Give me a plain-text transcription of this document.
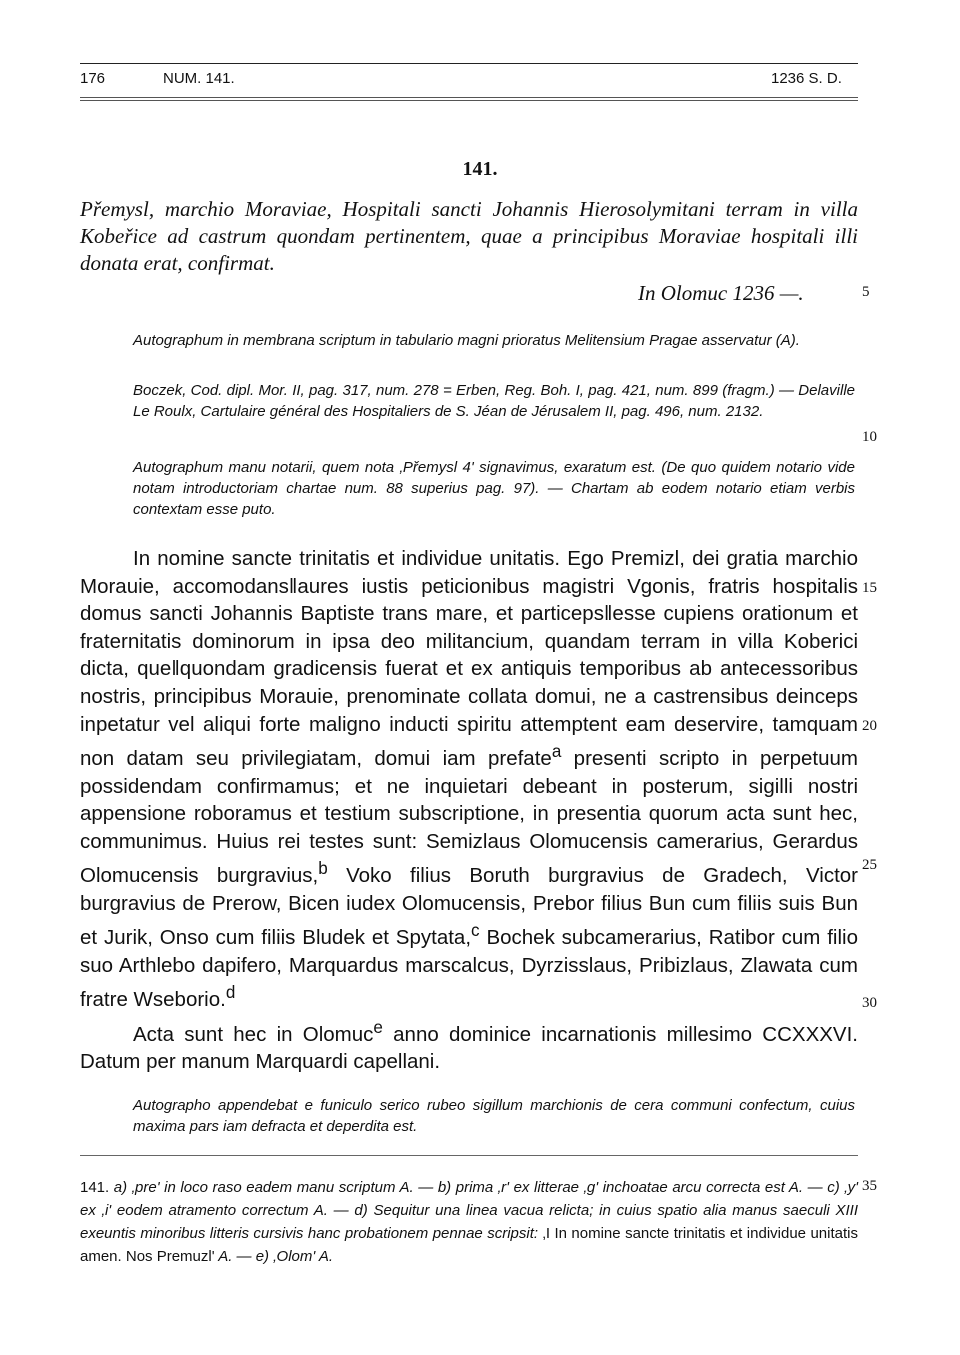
176	NUM. 141.	1236 S. D.
141.
Přemysl, marchio Moraviae, Hospitali sancti Johannis Hierosolymitani terram in villa Kobeřice ad castrum quondam pertinentem, quae a principibus Moraviae hospitali illi donata erat, confirmat.
In Olomuc 1236 —.	5
Autographum in membrana scriptum in tabulario magni prioratus Melitensium Pragae asservatur (A).
Boczek, Cod. dipl. Mor. II, pag. 317, num. 278 = Erben, Reg. Boh. I, pag. 421, num. 899 (fragm.) — Delaville Le Roulx, Cartulaire général des Hospitaliers de S. Jéan de Jérusalem II, pag. 496, num. 2132.
10
Autographum manu notarii, quem nota ‚Přemysl 4' signavimus, exaratum est. (De quo quidem notario vide notam introductoriam chartae num. 88 superius pag. 97). — Chartam ab eodem notario etiam verbis contextam esse puto.

In nomine sancte trinitatis et individue unitatis. Ego Premizl, dei gratia marchio Morauie, accomodans‖aures iustis peticionibus magistri Vgonis, fratris hospitalis domus sancti Johannis Baptiste trans mare, et particeps‖esse cupiens orationum et fraternitatis dominorum in ipsa deo militancium, quandam terram in villa Koberici dicta, que‖quondam gradicensis fuerat et ex antiquis temporibus ab antecessoribus nostris, principibus Morauie, prenominate collata domui, ne a castrensibus deinceps inpetatur vel aliqui forte maligno inducti spiritu attemptent eam deservire, tamquam non datam seu privilegiatam, domui iam prefate$^a$ presenti scripto in perpetuum possidendam confirmamus; et ne inquietari debeant in posterum, sigilli nostri appensione roboramus et testium subscriptione, in presentia quorum acta sunt hec, communimus. Huius rei testes sunt: Semizlaus Olomucensis camerarius, Gerardus Olomucensis burgravius,$^b$ Voko filius Boruth burgravius de Gradech, Victor burgravius de Prerow, Bicen iudex Olomucensis, Prebor filius Bun cum filiis suis Bun et Jurik, Onso cum filiis Bludek et Spytata,$^c$ Bochek subcamerarius, Ratibor cum filio suo Arthlebo dapifero, Marquardus marscalcus, Dyrzisslaus, Pribizlaus, Zlawata cum fratre Wseborio.$^d$

Acta sunt hec in Olomuc$^e$ anno dominice incarnationis millesimo CCXXXVI. Datum per manum Marquardi capellani.

15
20
25
30
Autographo appendebat e funiculo serico rubeo sigillum marchionis de cera communi confectum, cuius maxima pars iam defracta et deperdita est.
141. a) ‚pre' in loco raso eadem manu scriptum A. — b) prima ‚r' ex litterae ‚g' inchoatae arcu correcta est A. — c) ‚y' ex ‚i' eodem atramento correctum A. — d) Sequitur una linea vacua relicta; in cuius spatio alia manus saeculi XIII exeuntis minoribus litteris cursivis hanc probationem pennae scripsit: ‚I In nomine sancte trinitatis et individue unitatis amen. Nos Premuzl' A. — e) ‚Olom' A.
35
